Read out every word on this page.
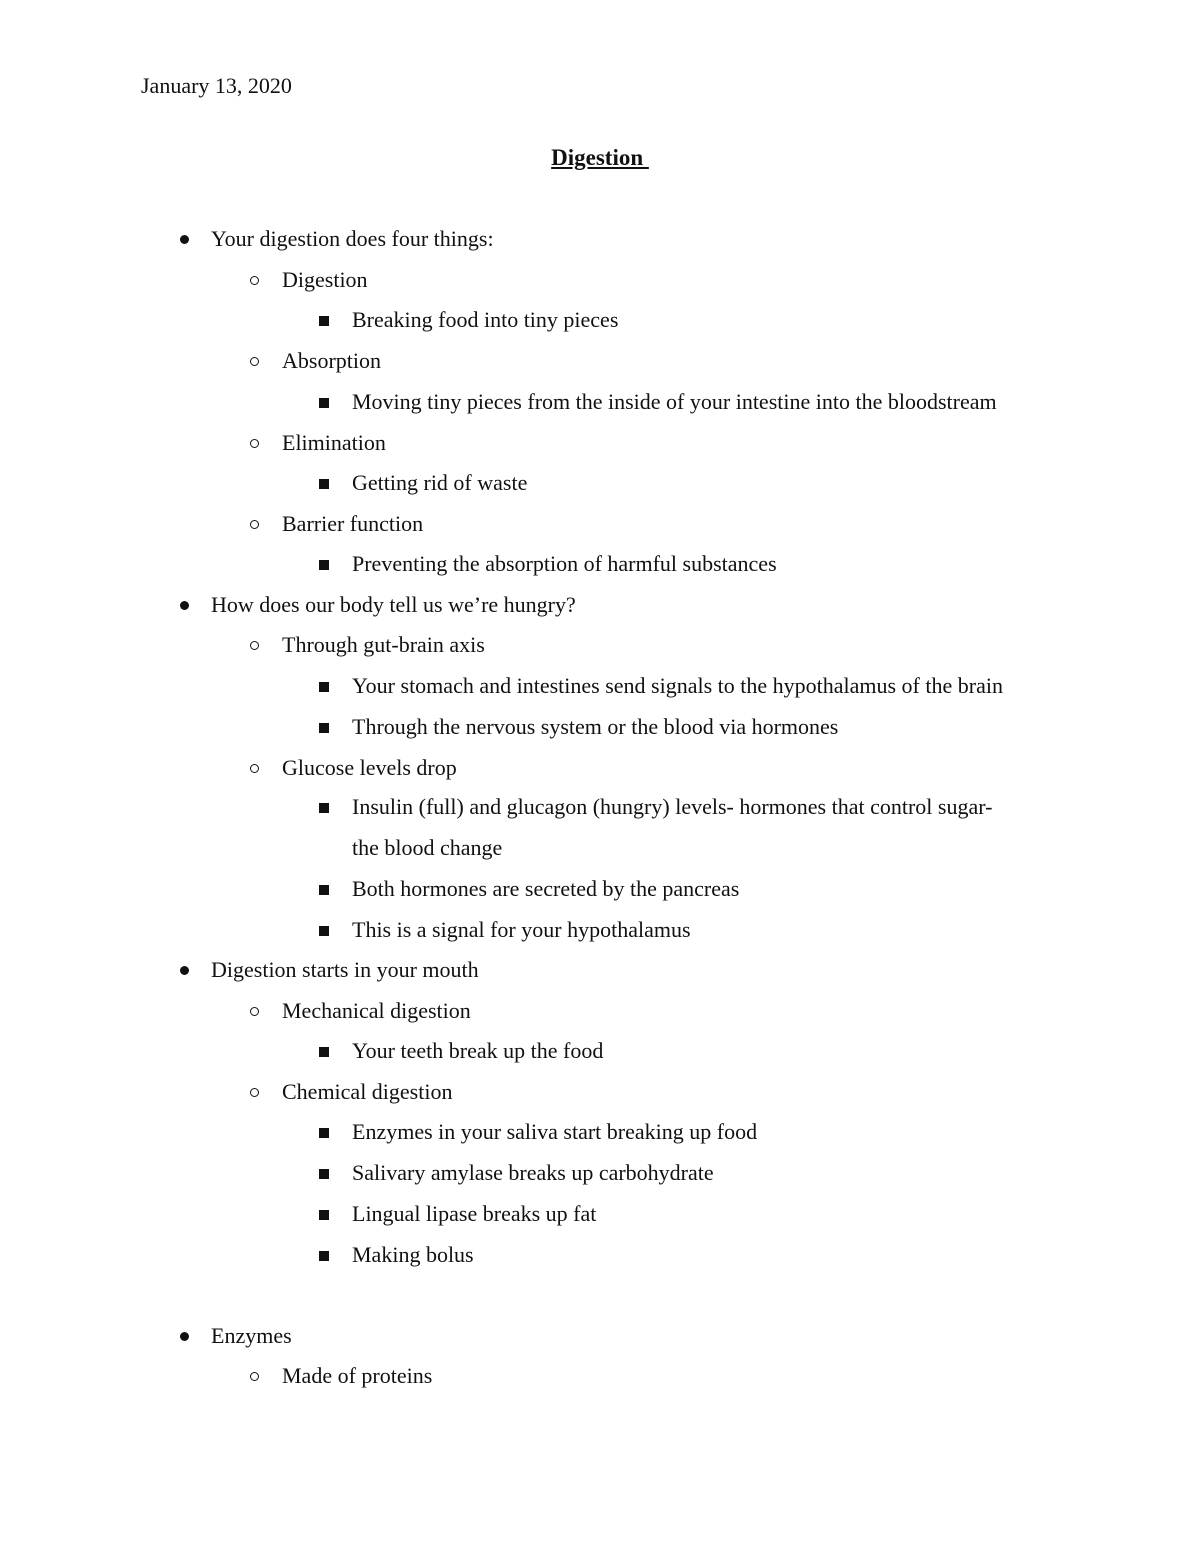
January 13, 2020
Digestion
Your digestion does four things:
Digestion
Breaking food into tiny pieces
Absorption
Moving tiny pieces from the inside of your intestine into the bloodstream
Elimination
Getting rid of waste
Barrier function
Preventing the absorption of harmful substances
How does our body tell us we’re hungry?
Through gut-brain axis
Your stomach and intestines send signals to the hypothalamus of the brain
Through the nervous system or the blood via hormones
Glucose levels drop
Insulin (full) and glucagon (hungry) levels- hormones that control sugar-
the blood change
Both hormones are secreted by the pancreas
This is a signal for your hypothalamus
Digestion starts in your mouth
Mechanical digestion
Your teeth break up the food
Chemical digestion
Enzymes in your saliva start breaking up food
Salivary amylase breaks up carbohydrate
Lingual lipase breaks up fat
Making bolus
Enzymes
Made of proteins
